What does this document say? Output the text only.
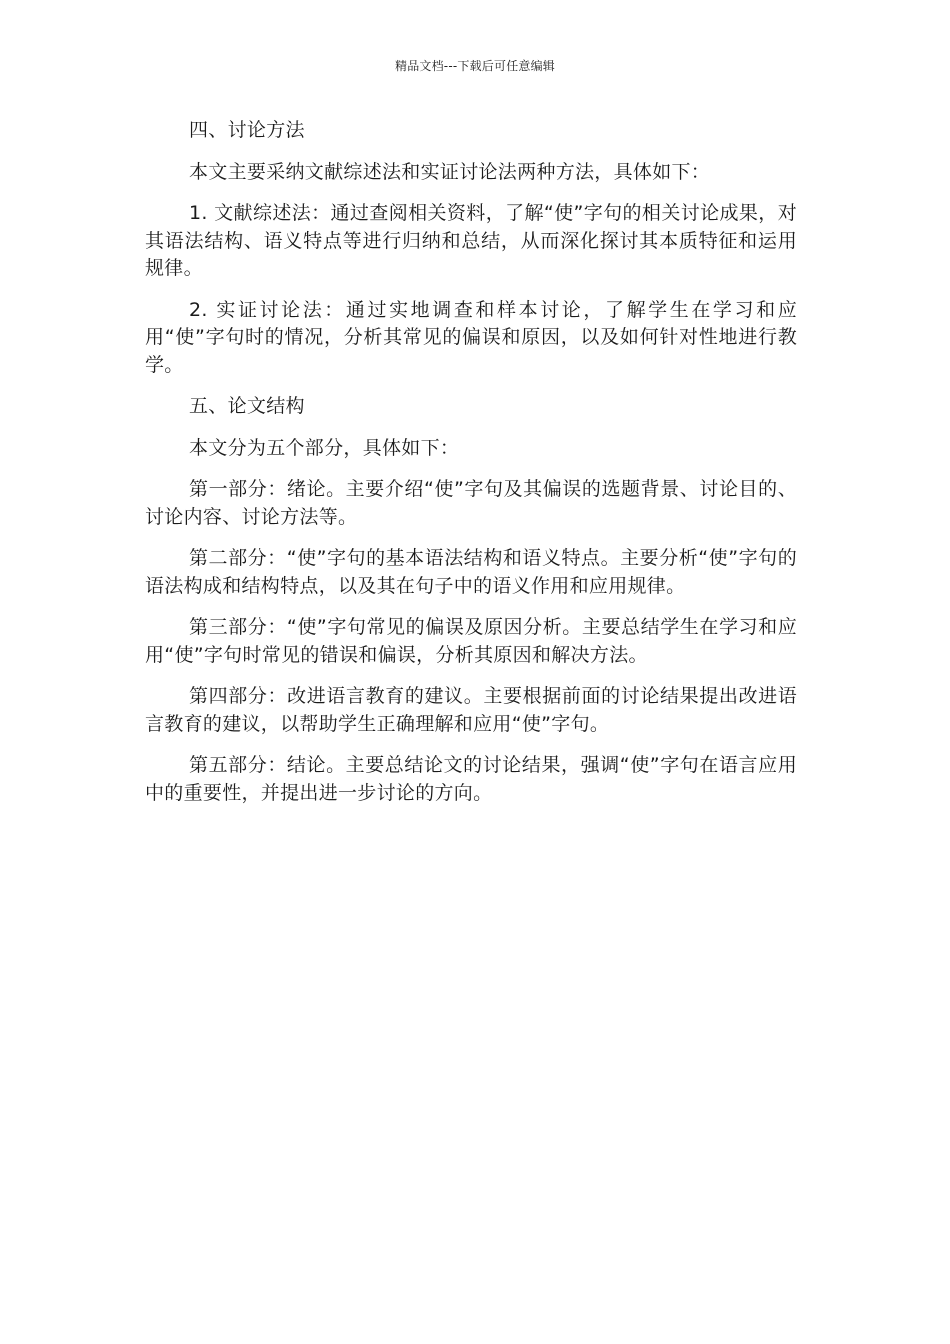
精品文档---下载后可任意编辑

四、讨论方法

本文主要采纳文献综述法和实证讨论法两种方法，具体如下：

1. 文献综述法：通过查阅相关资料，了解“使”字句的相关讨论成果，对其语法结构、语义特点等进行归纳和总结，从而深化探讨其本质特征和运用规律。

2. 实证讨论法：通过实地调查和样本讨论，了解学生在学习和应用“使”字句时的情况，分析其常见的偏误和原因，以及如何针对性地进行教学。

五、论文结构

本文分为五个部分，具体如下：

第一部分：绪论。主要介绍“使”字句及其偏误的选题背景、讨论目的、讨论内容、讨论方法等。

第二部分：“使”字句的基本语法结构和语义特点。主要分析“使”字句的语法构成和结构特点，以及其在句子中的语义作用和应用规律。

第三部分：“使”字句常见的偏误及原因分析。主要总结学生在学习和应用“使”字句时常见的错误和偏误，分析其原因和解决方法。

第四部分：改进语言教育的建议。主要根据前面的讨论结果提出改进语言教育的建议，以帮助学生正确理解和应用“使”字句。

第五部分：结论。主要总结论文的讨论结果，强调“使”字句在语言应用中的重要性，并提出进一步讨论的方向。
